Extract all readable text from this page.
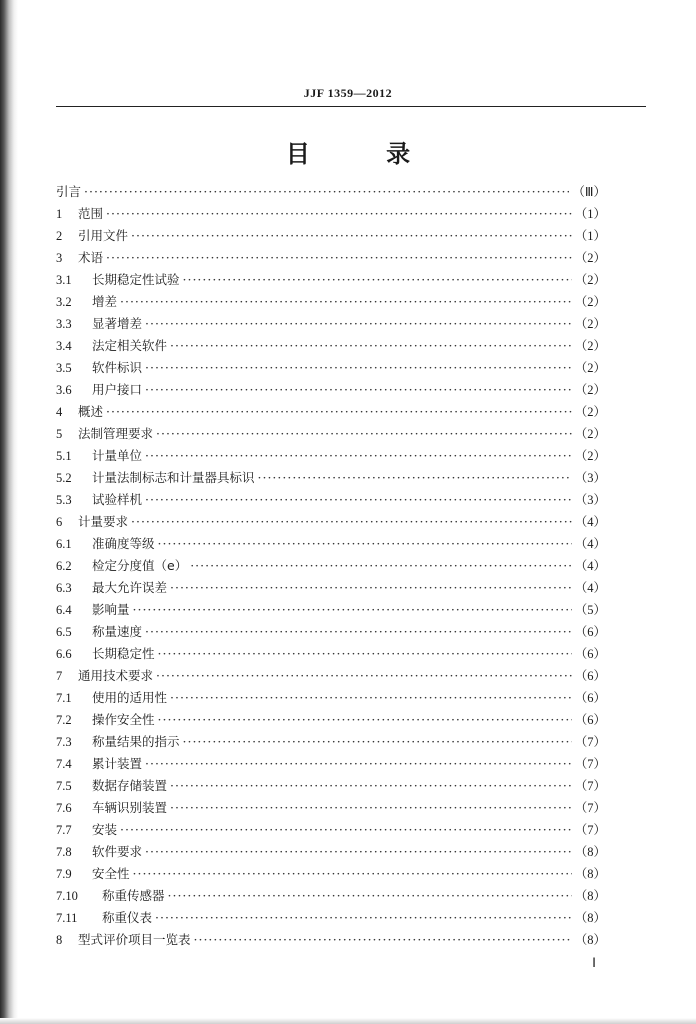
JJF 1359—2012
目 录
引言 ·····	（Ⅲ）
1	范围 ·····	（1）
2	引用文件 ·····	（1）
3	术语 ·····	（2）
3.1	长期稳定性试验 ·····	（2）
3.2	增差 ·····	（2）
3.3	显著增差 ·····	（2）
3.4	法定相关软件 ·····	（2）
3.5	软件标识 ·····	（2）
3.6	用户接口 ·····	（2）
4	概述 ·····	（2）
5	法制管理要求 ·····	（2）
5.1	计量单位 ·····	（2）
5.2	计量法制标志和计量器具标识 ·····	（3）
5.3	试验样机 ·····	（3）
6	计量要求 ·····	（4）
6.1	准确度等级 ·····	（4）
6.2	检定分度值（e） ·····	（4）
6.3	最大允许误差 ·····	（4）
6.4	影响量 ·····	（5）
6.5	称量速度 ·····	（6）
6.6	长期稳定性 ·····	（6）
7	通用技术要求 ·····	（6）
7.1	使用的适用性 ·····	（6）
7.2	操作安全性 ·····	（6）
7.3	称量结果的指示 ·····	（7）
7.4	累计装置 ·····	（7）
7.5	数据存储装置 ·····	（7）
7.6	车辆识别装置 ·····	（7）
7.7	安装 ·····	（7）
7.8	软件要求 ·····	（8）
7.9	安全性 ·····	（8）
7.10	称重传感器 ·····	（8）
7.11	称重仪表 ·····	（8）
8	型式评价项目一览表 ·····	（8）
Ⅰ
